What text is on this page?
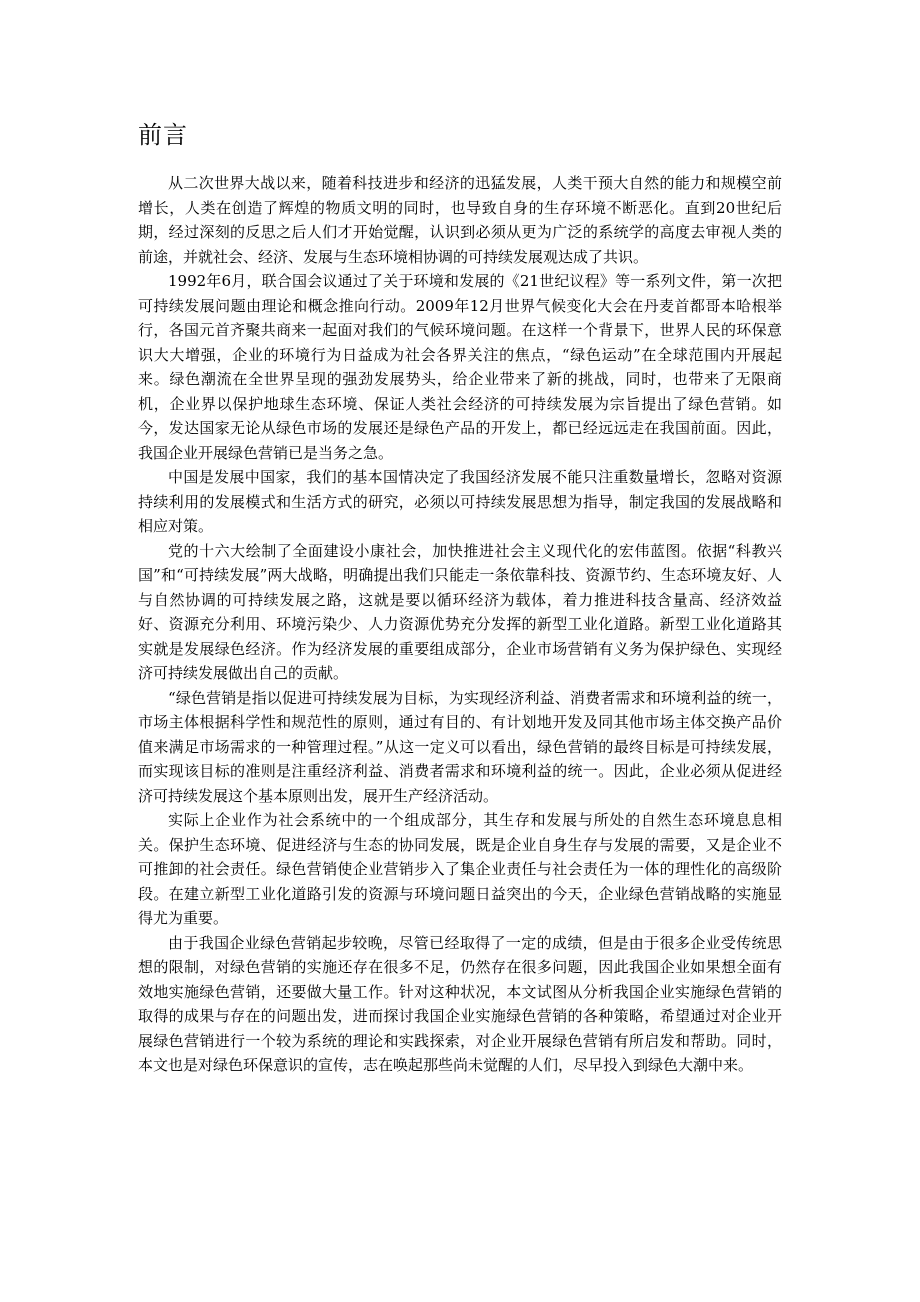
前言

从二次世界大战以来，随着科技进步和经济的迅猛发展，人类干预大自然的能力和规模空前增长，人类在创造了辉煌的物质文明的同时，也导致自身的生存环境不断恶化。直到20世纪后期，经过深刻的反思之后人们才开始觉醒，认识到必须从更为广泛的系统学的高度去审视人类的前途，并就社会、经济、发展与生态环境相协调的可持续发展观达成了共识。

1992年6月，联合国会议通过了关于环境和发展的《21世纪议程》等一系列文件，第一次把可持续发展问题由理论和概念推向行动。2009年12月世界气候变化大会在丹麦首都哥本哈根举行，各国元首齐聚共商来一起面对我们的气候环境问题。在这样一个背景下，世界人民的环保意识大大增强，企业的环境行为日益成为社会各界关注的焦点，“绿色运动”在全球范围内开展起来。绿色潮流在全世界呈现的强劲发展势头，给企业带来了新的挑战，同时，也带来了无限商机，企业界以保护地球生态环境、保证人类社会经济的可持续发展为宗旨提出了绿色营销。如今，发达国家无论从绿色市场的发展还是绿色产品的开发上，都已经远远走在我国前面。因此，我国企业开展绿色营销已是当务之急。

中国是发展中国家，我们的基本国情决定了我国经济发展不能只注重数量增长，忽略对资源持续利用的发展模式和生活方式的研究，必须以可持续发展思想为指导，制定我国的发展战略和相应对策。

党的十六大绘制了全面建设小康社会，加快推进社会主义现代化的宏伟蓝图。依据“科教兴国”和“可持续发展”两大战略，明确提出我们只能走一条依靠科技、资源节约、生态环境友好、人与自然协调的可持续发展之路，这就是要以循环经济为载体，着力推进科技含量高、经济效益好、资源充分利用、环境污染少、人力资源优势充分发挥的新型工业化道路。新型工业化道路其实就是发展绿色经济。作为经济发展的重要组成部分，企业市场营销有义务为保护绿色、实现经济可持续发展做出自己的贡献。

“绿色营销是指以促进可持续发展为目标，为实现经济利益、消费者需求和环境利益的统一，市场主体根据科学性和规范性的原则，通过有目的、有计划地开发及同其他市场主体交换产品价值来满足市场需求的一种管理过程。”从这一定义可以看出，绿色营销的最终目标是可持续发展，而实现该目标的准则是注重经济利益、消费者需求和环境利益的统一。因此，企业必须从促进经济可持续发展这个基本原则出发，展开生产经济活动。

实际上企业作为社会系统中的一个组成部分，其生存和发展与所处的自然生态环境息息相关。保护生态环境、促进经济与生态的协同发展，既是企业自身生存与发展的需要，又是企业不可推卸的社会责任。绿色营销使企业营销步入了集企业责任与社会责任为一体的理性化的高级阶段。在建立新型工业化道路引发的资源与环境问题日益突出的今天，企业绿色营销战略的实施显得尤为重要。

由于我国企业绿色营销起步较晚，尽管已经取得了一定的成绩，但是由于很多企业受传统思想的限制，对绿色营销的实施还存在很多不足，仍然存在很多问题，因此我国企业如果想全面有效地实施绿色营销，还要做大量工作。针对这种状况，本文试图从分析我国企业实施绿色营销的取得的成果与存在的问题出发，进而探讨我国企业实施绿色营销的各种策略，希望通过对企业开展绿色营销进行一个较为系统的理论和实践探索，对企业开展绿色营销有所启发和帮助。同时，本文也是对绿色环保意识的宣传，志在唤起那些尚未觉醒的人们，尽早投入到绿色大潮中来。
